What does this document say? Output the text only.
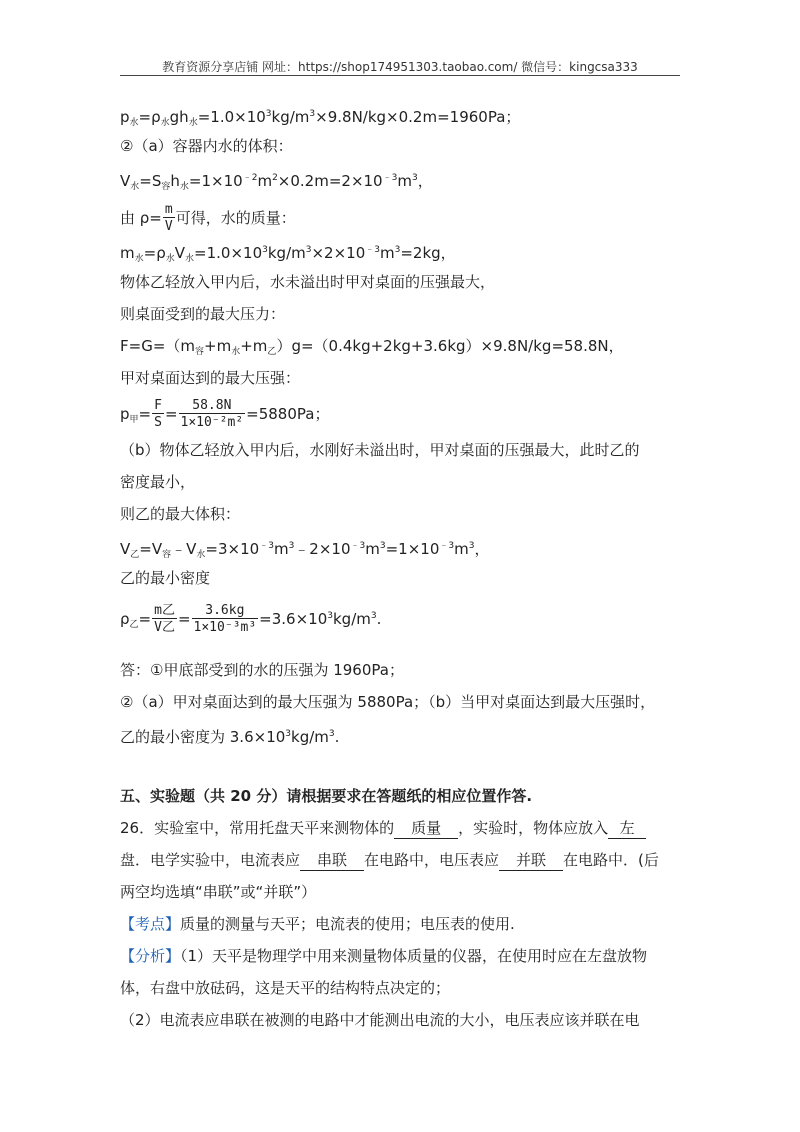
教育资源分享店铺 网址：https://shop174951303.taobao.com/ 微信号：kingcsa333
$p_水=\rho_水gh_水=1.0\times 10^3kg/m^3\times 9.8N/kg\times 0.2m=1960Pa$；
②（a）容器内水的体积：
$V_水=S_容h_水=1\times 10^{﹣2}m^2\times 0.2m=2\times 10^{﹣3}m^3$，
由 $\rho= \frac{m}{V}$ 可得，水的质量：
$m_水=\rho_水V_水=1.0\times 10^3kg/m^3\times 2\times 10^{﹣3}m^3=2kg$，
物体乙轻放入甲内后，水未溢出时甲对桌面的压强最大，
则桌面受到的最大压力：
$F=G=(m_容+m_水+m_乙)g=(0.4kg+2kg+3.6kg)\times 9.8N/kg=58.8N$，
甲对桌面达到的最大压强：
$p_甲= \frac{F}{S} = \frac{58.8N}{\text{1×10⁻²m²}} =5880Pa$；
（b）物体乙轻放入甲内后，水刚好未溢出时，甲对桌面的压强最大，此时乙的
密度最小，
则乙的最大体积：
$V_乙=V_容﹣V_水=3\times 10^{﹣3}m^3﹣2\times 10^{﹣3}m^3=1\times 10^{﹣3}m^3$，
乙的最小密度
$\rho_乙= \frac{\text{m乙}}{\text{V乙}} = \frac{3.6kg}{\text{1×10⁻³m³}} =3.6\times 10^3kg/m^3$.
答：①甲底部受到的水的压强为 1960Pa；
②（a）甲对桌面达到的最大压强为 5880Pa；（b）当甲对桌面达到最大压强时，
乙的最小密度为 $3.6\times 10^3kg/m^3$.
五、实验题（共 20 分）请根据要求在答题纸的相应位置作答.
26．实验室中，常用托盘天平来测物体的 质量 ，实验时，物体应放入 左
盘．电学实验中，电流表应 串联 在电路中，电压表应 并联 在电路中．(后
两空均选填“串联”或“并联”）
【考点】质量的测量与天平；电流表的使用；电压表的使用.
【分析】（1）天平是物理学中用来测量物体质量的仪器，在使用时应在左盘放物
体，右盘中放砝码，这是天平的结构特点决定的；
（2）电流表应串联在被测的电路中才能测出电流的大小，电压表应该并联在电
